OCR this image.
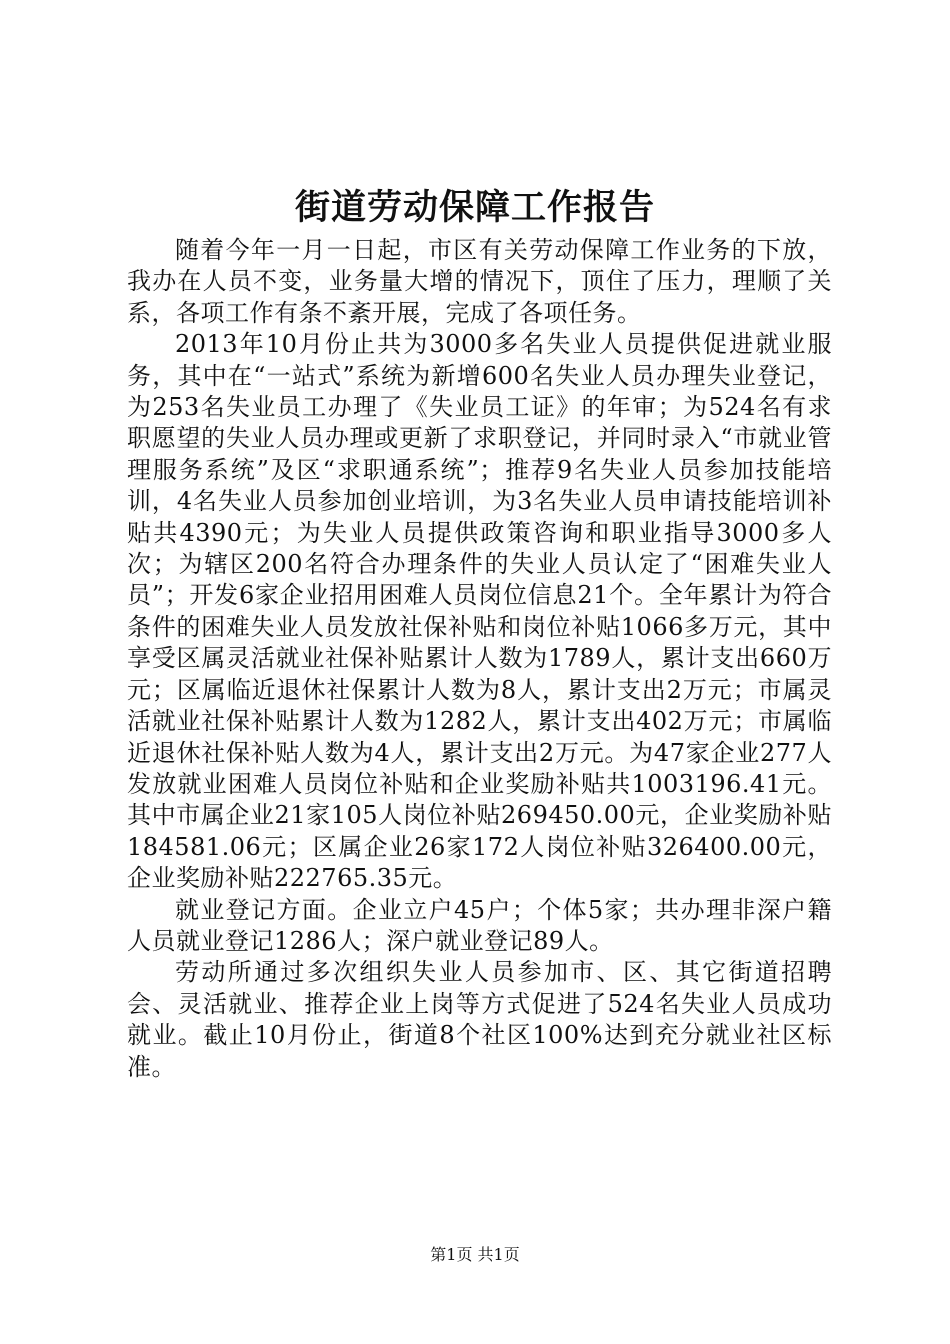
街道劳动保障工作报告

随着今年一月一日起，市区有关劳动保障工作业务的下放，我办在人员不变，业务量大增的情况下，顶住了压力，理顺了关系，各项工作有条不紊开展，完成了各项任务。

2013年10月份止共为3000多名失业人员提供促进就业服务，其中在“一站式”系统为新增600名失业人员办理失业登记，为253名失业员工办理了《失业员工证》的年审；为524名有求职愿望的失业人员办理或更新了求职登记，并同时录入“市就业管理服务系统”及区“求职通系统”；推荐9名失业人员参加技能培训，4名失业人员参加创业培训，为3名失业人员申请技能培训补贴共4390元；为失业人员提供政策咨询和职业指导3000多人次；为辖区200名符合办理条件的失业人员认定了“困难失业人员”；开发6家企业招用困难人员岗位信息21个。全年累计为符合条件的困难失业人员发放社保补贴和岗位补贴1066多万元，其中享受区属灵活就业社保补贴累计人数为1789人，累计支出660万元；区属临近退休社保累计人数为8人，累计支出2万元；市属灵活就业社保补贴累计人数为1282人，累计支出402万元；市属临近退休社保补贴人数为4人，累计支出2万元。为47家企业277人发放就业困难人员岗位补贴和企业奖励补贴共1003196.41元。其中市属企业21家105人岗位补贴269450.00元，企业奖励补贴184581.06元；区属企业26家172人岗位补贴326400.00元，企业奖励补贴222765.35元。

就业登记方面。企业立户45户；个体5家；共办理非深户籍人员就业登记1286人；深户就业登记89人。

劳动所通过多次组织失业人员参加市、区、其它街道招聘会、灵活就业、推荐企业上岗等方式促进了524名失业人员成功就业。截止10月份止，街道8个社区100%达到充分就业社区标准。

第1页 共1页
